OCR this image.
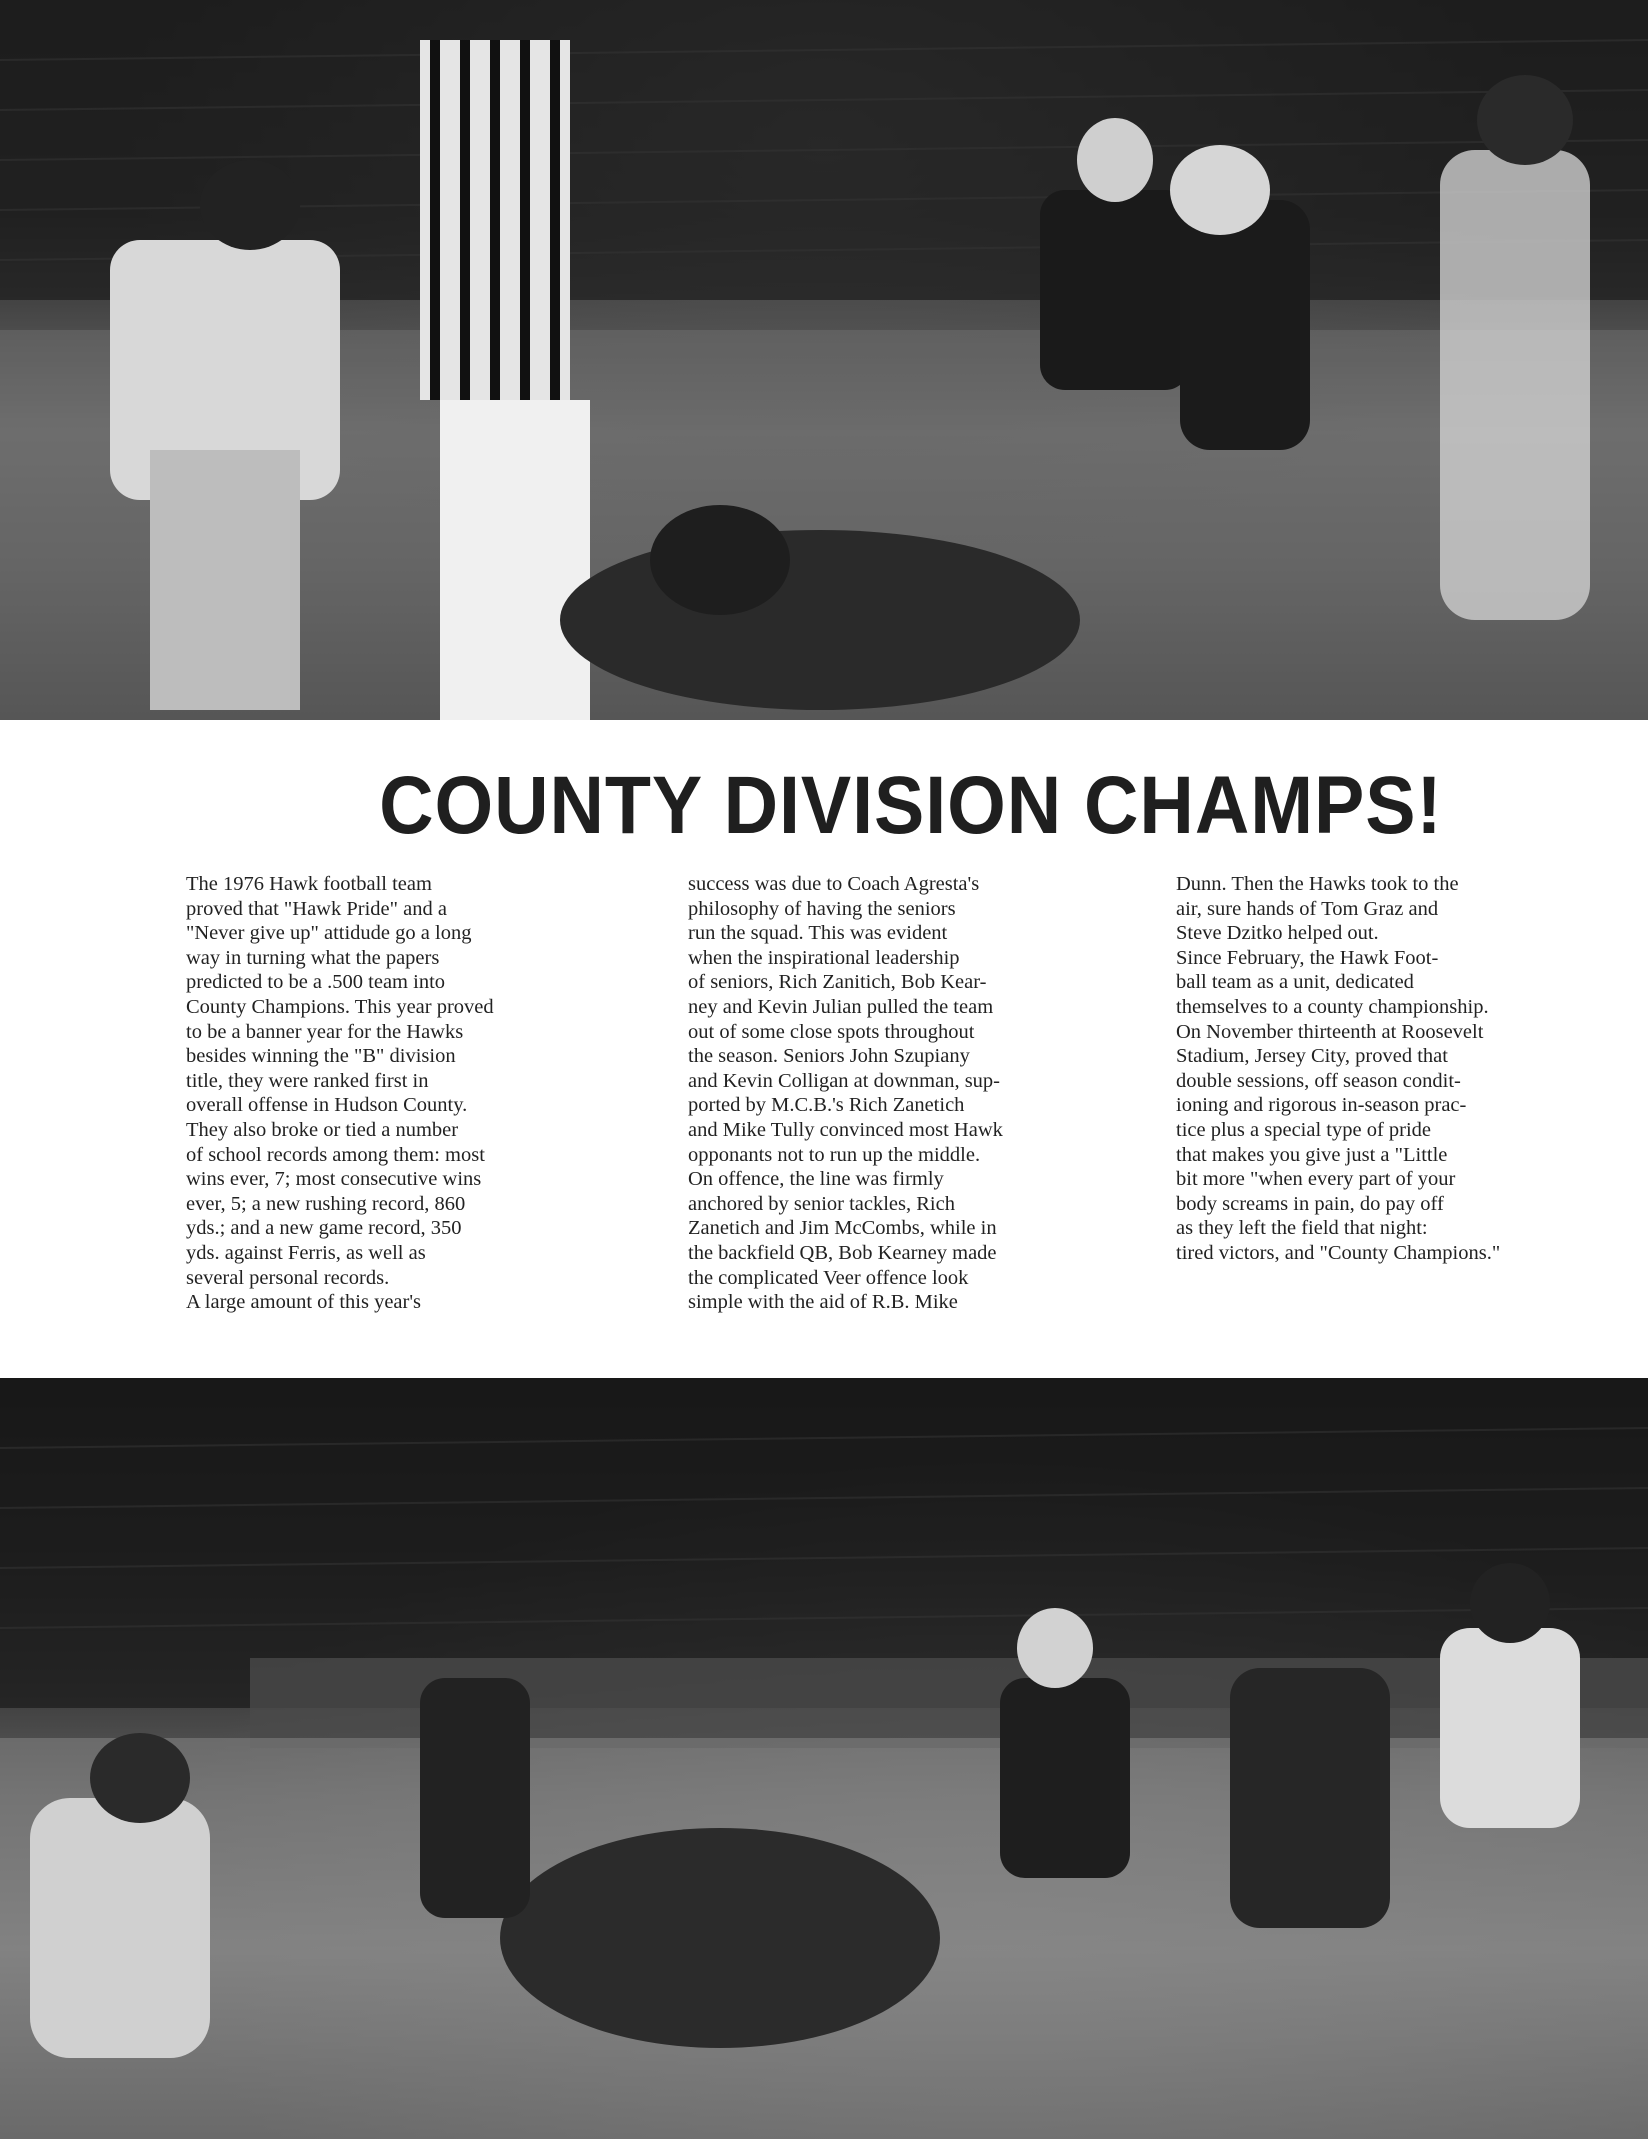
COUNTY DIVISION CHAMPS!
The 1976 Hawk football team
proved that "Hawk Pride" and a
"Never give up" attidude go a long
way in turning what the papers
predicted to be a .500 team into
County Champions. This year proved
to be a banner year for the Hawks
besides winning the "B" division
title, they were ranked first in
overall offense in Hudson County.
They also broke or tied a number
of school records among them: most
wins ever, 7; most consecutive wins
ever, 5; a new rushing record, 860
yds.; and a new game record, 350
yds. against Ferris, as well as
several personal records.
A large amount of this year's
success was due to Coach Agresta's
philosophy of having the seniors
run the squad. This was evident
when the inspirational leadership
of seniors, Rich Zanitich, Bob Kear-
ney and Kevin Julian pulled the team
out of some close spots throughout
the season. Seniors John Szupiany
and Kevin Colligan at downman, sup-
ported by M.C.B.'s Rich Zanetich
and Mike Tully convinced most Hawk
opponants not to run up the middle.
On offence, the line was firmly
anchored by senior tackles, Rich
Zanetich and Jim McCombs, while in
the backfield QB, Bob Kearney made
the complicated Veer offence look
simple with the aid of R.B. Mike
Dunn. Then the Hawks took to the
air, sure hands of Tom Graz and
Steve Dzitko helped out.
Since February, the Hawk Foot-
ball team as a unit, dedicated
themselves to a county championship.
On November thirteenth at Roosevelt
Stadium, Jersey City, proved that
double sessions, off season condit-
ioning and rigorous in-season prac-
tice plus a special type of pride
that makes you give just a "Little
bit more "when every part of your
body screams in pain, do pay off
as they left the field that night:
tired victors, and "County Champions."
